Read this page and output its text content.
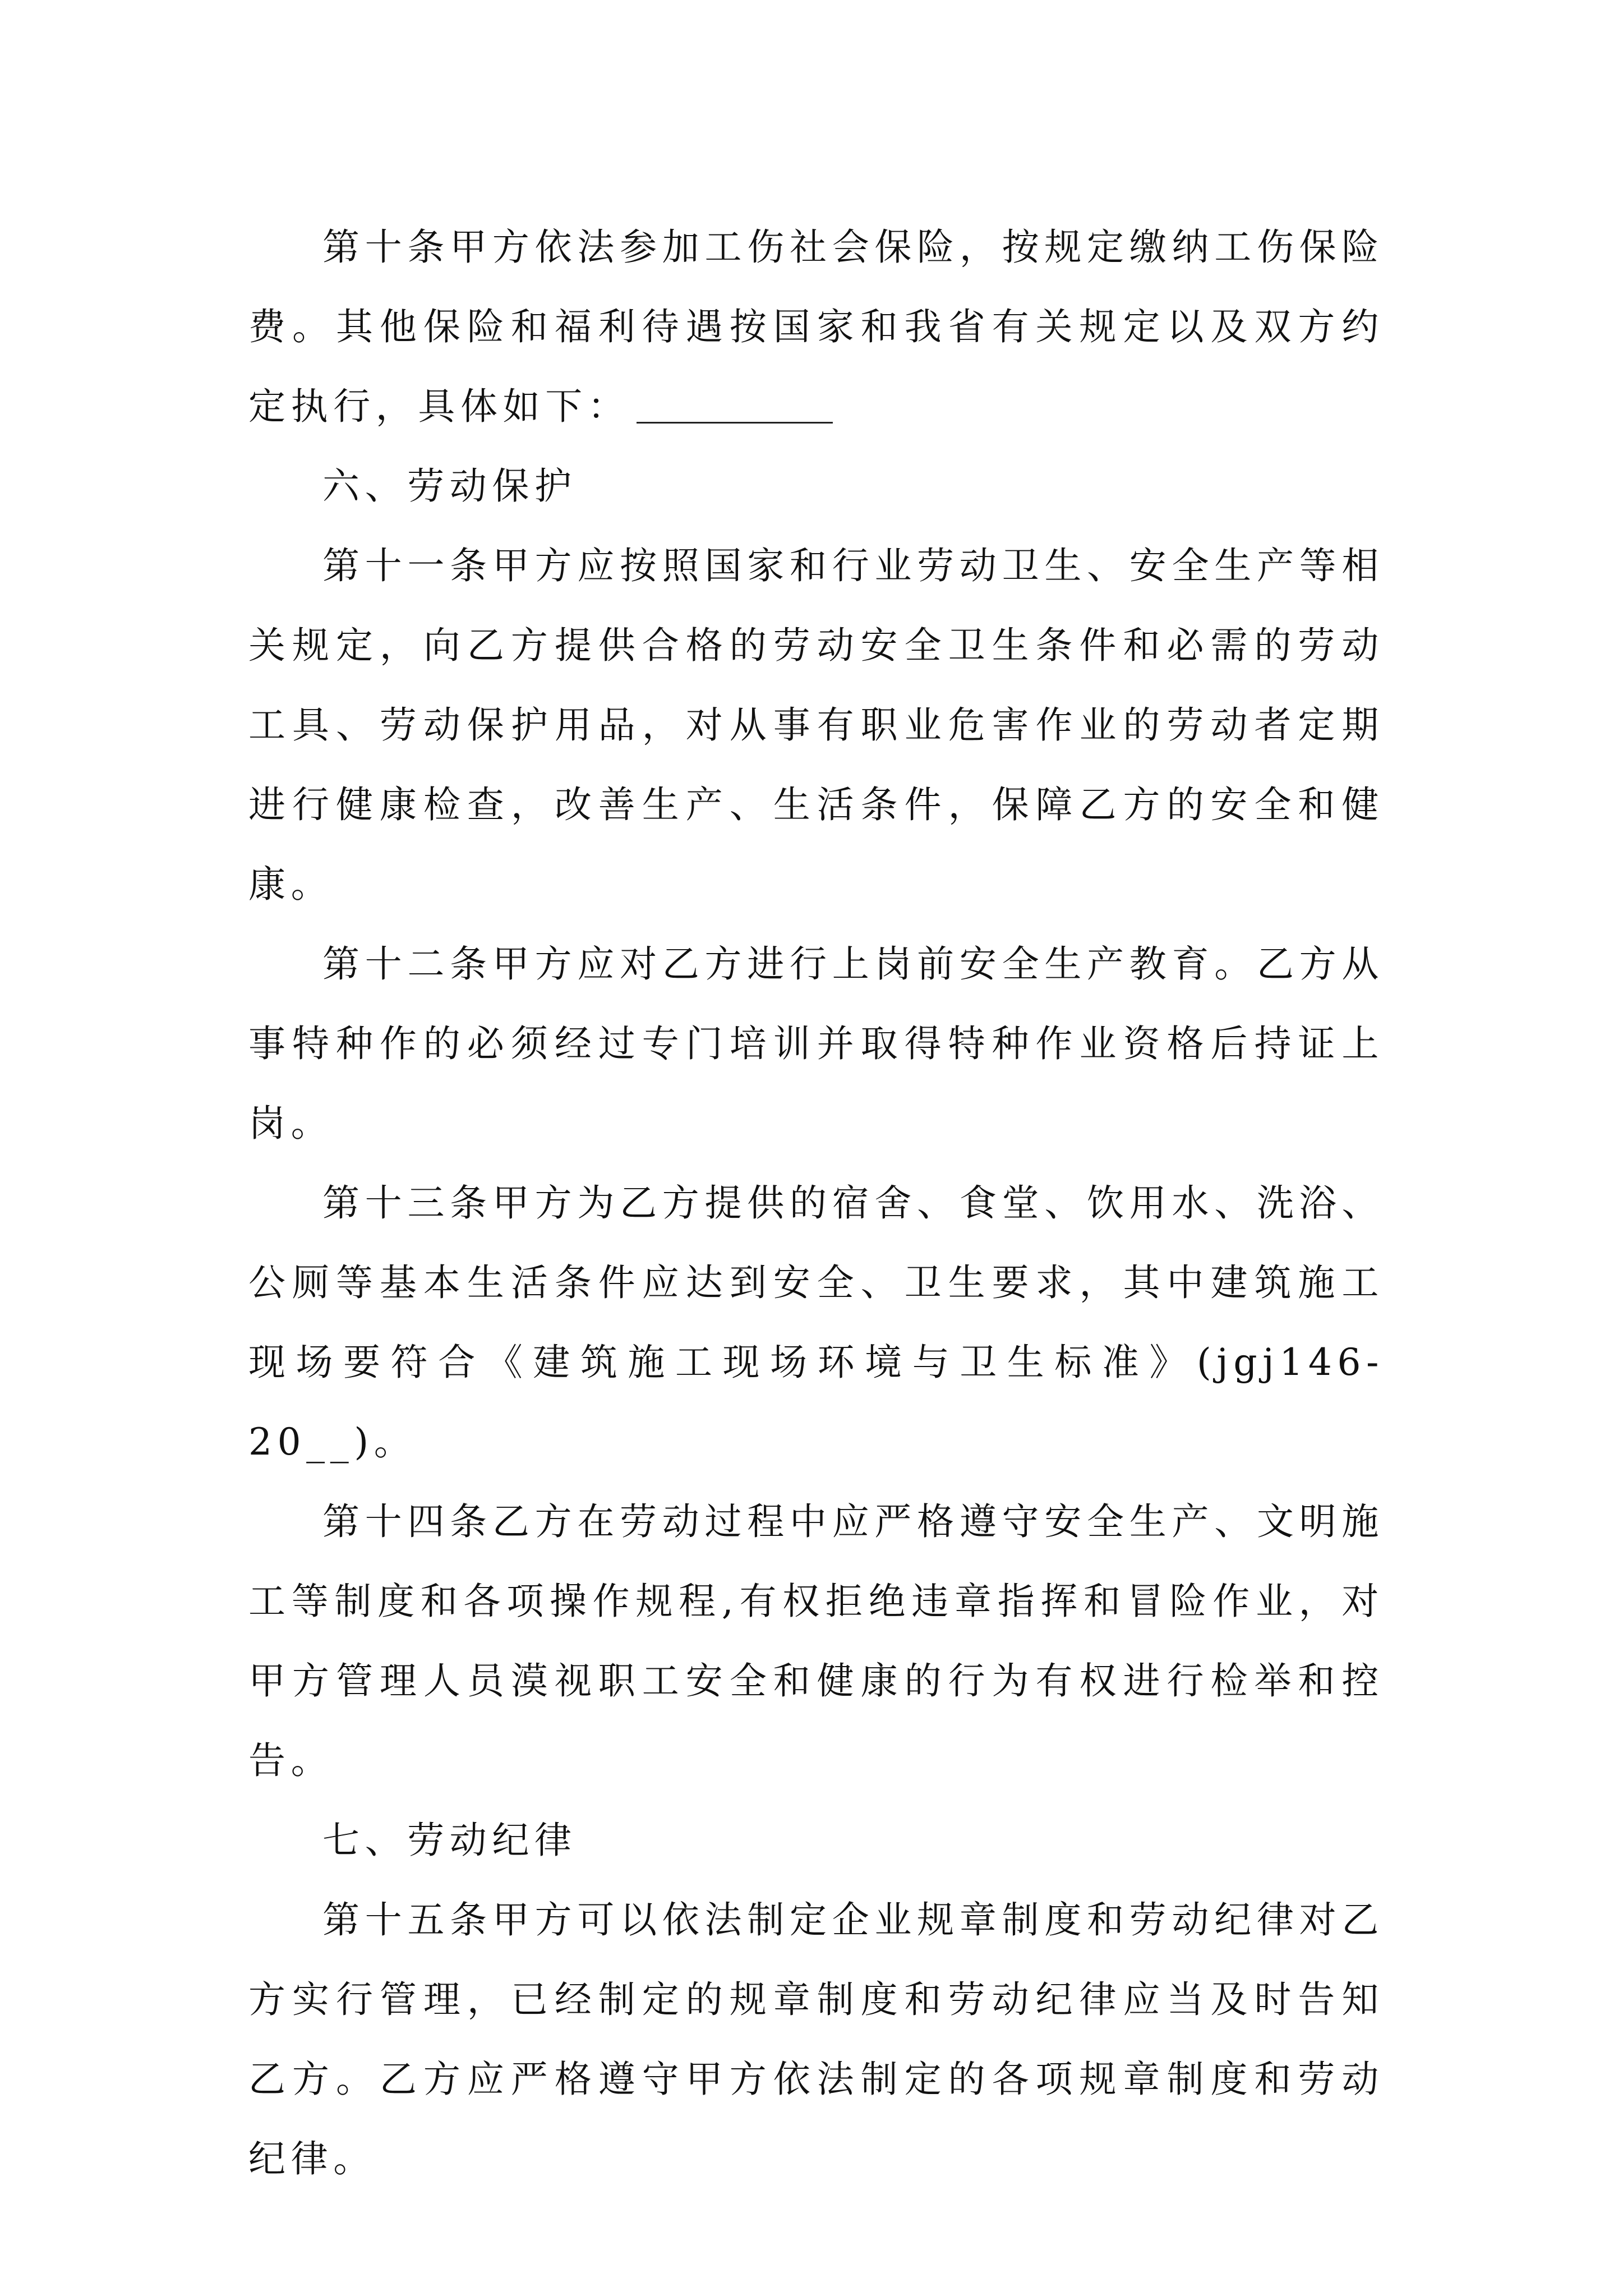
第十条甲方依法参加工伤社会保险，按规定缴纳工伤保险费。其他保险和福利待遇按国家和我省有关规定以及双方约定执行，具体如下：

六、劳动保护

第十一条甲方应按照国家和行业劳动卫生、安全生产等相关规定，向乙方提供合格的劳动安全卫生条件和必需的劳动工具、劳动保护用品，对从事有职业危害作业的劳动者定期进行健康检查，改善生产、生活条件，保障乙方的安全和健康。

第十二条甲方应对乙方进行上岗前安全生产教育。乙方从事特种作的必须经过专门培训并取得特种作业资格后持证上岗。

第十三条甲方为乙方提供的宿舍、食堂、饮用水、洗浴、公厕等基本生活条件应达到安全、卫生要求，其中建筑施工现场要符合《建筑施工现场环境与卫生标准》(jgj146-20__)。

第十四条乙方在劳动过程中应严格遵守安全生产、文明施工等制度和各项操作规程,有权拒绝违章指挥和冒险作业，对甲方管理人员漠视职工安全和健康的行为有权进行检举和控告。

七、劳动纪律

第十五条甲方可以依法制定企业规章制度和劳动纪律对乙方实行管理，已经制定的规章制度和劳动纪律应当及时告知乙方。乙方应严格遵守甲方依法制定的各项规章制度和劳动纪律。
